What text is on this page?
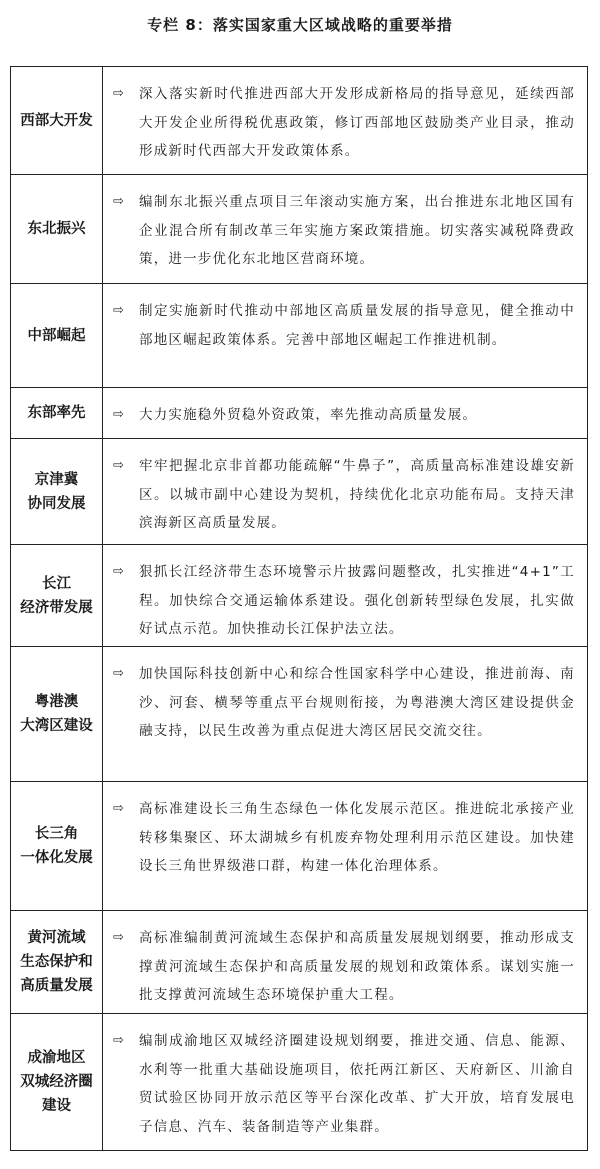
专栏 8：落实国家重大区域战略的重要举措
西部大开发
⇨	深入落实新时代推进西部大开发形成新格局的指导意见，延续西部大开发企业所得税优惠政策，修订西部地区鼓励类产业目录，推动形成新时代西部大开发政策体系。
东北振兴
⇨	编制东北振兴重点项目三年滚动实施方案，出台推进东北地区国有企业混合所有制改革三年实施方案政策措施。切实落实减税降费政策，进一步优化东北地区营商环境。
中部崛起
⇨	制定实施新时代推动中部地区高质量发展的指导意见，健全推动中部地区崛起政策体系。完善中部地区崛起工作推进机制。
东部率先 ⇨	大力实施稳外贸稳外资政策，率先推动高质量发展。
京津冀
协同发展
⇨	牢牢把握北京非首都功能疏解“牛鼻子”，高质量高标准建设雄安新区。以城市副中心建设为契机，持续优化北京功能布局。支持天津滨海新区高质量发展。
长江
经济带发展
⇨	狠抓长江经济带生态环境警示片披露问题整改，扎实推进“4+1”工程。加快综合交通运输体系建设。强化创新转型绿色发展，扎实做好试点示范。加快推动长江保护法立法。
粤港澳
大湾区建设
⇨	加快国际科技创新中心和综合性国家科学中心建设，推进前海、南沙、河套、横琴等重点平台规则衔接，为粤港澳大湾区建设提供金融支持，以民生改善为重点促进大湾区居民交流交往。
长三角
一体化发展
⇨	高标准建设长三角生态绿色一体化发展示范区。推进皖北承接产业转移集聚区、环太湖城乡有机废弃物处理利用示范区建设。加快建设长三角世界级港口群，构建一体化治理体系。
黄河流域
生态保护和
高质量发展
⇨	高标准编制黄河流域生态保护和高质量发展规划纲要，推动形成支撑黄河流域生态保护和高质量发展的规划和政策体系。谋划实施一批支撑黄河流域生态环境保护重大工程。
成渝地区
双城经济圈
建设
⇨	编制成渝地区双城经济圈建设规划纲要，推进交通、信息、能源、水利等一批重大基础设施项目，依托两江新区、天府新区、川渝自贸试验区协同开放示范区等平台深化改革、扩大开放，培育发展电子信息、汽车、装备制造等产业集群。
